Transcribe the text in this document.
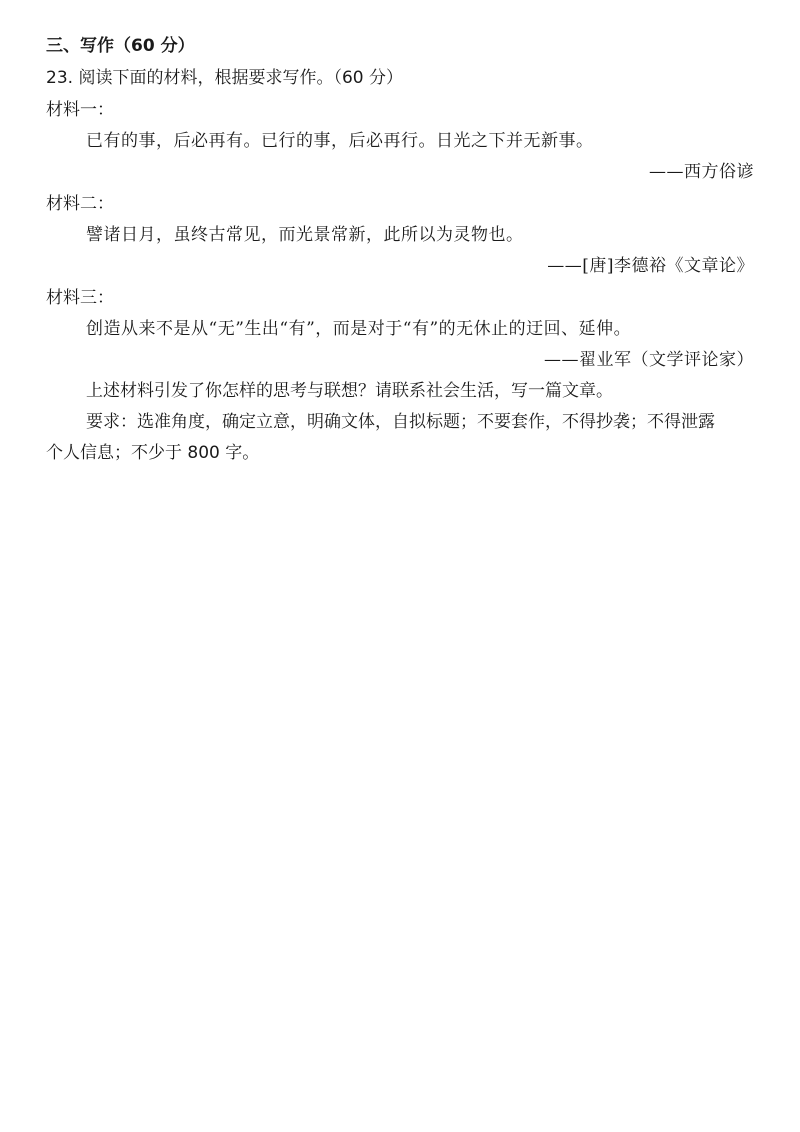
三、写作（60 分）
23. 阅读下面的材料，根据要求写作。（60 分）
材料一：
已有的事，后必再有。已行的事，后必再行。日光之下并无新事。
——西方俗谚
材料二：
譬诸日月，虽终古常见，而光景常新，此所以为灵物也。
——[唐]李德裕《文章论》
材料三：
创造从来不是从“无”生出“有”，而是对于“有”的无休止的迂回、延伸。
——翟业军（文学评论家）
上述材料引发了你怎样的思考与联想？请联系社会生活，写一篇文章。
要求：选准角度，确定立意，明确文体，自拟标题；不要套作，不得抄袭；不得泄露
个人信息；不少于 800 字。
